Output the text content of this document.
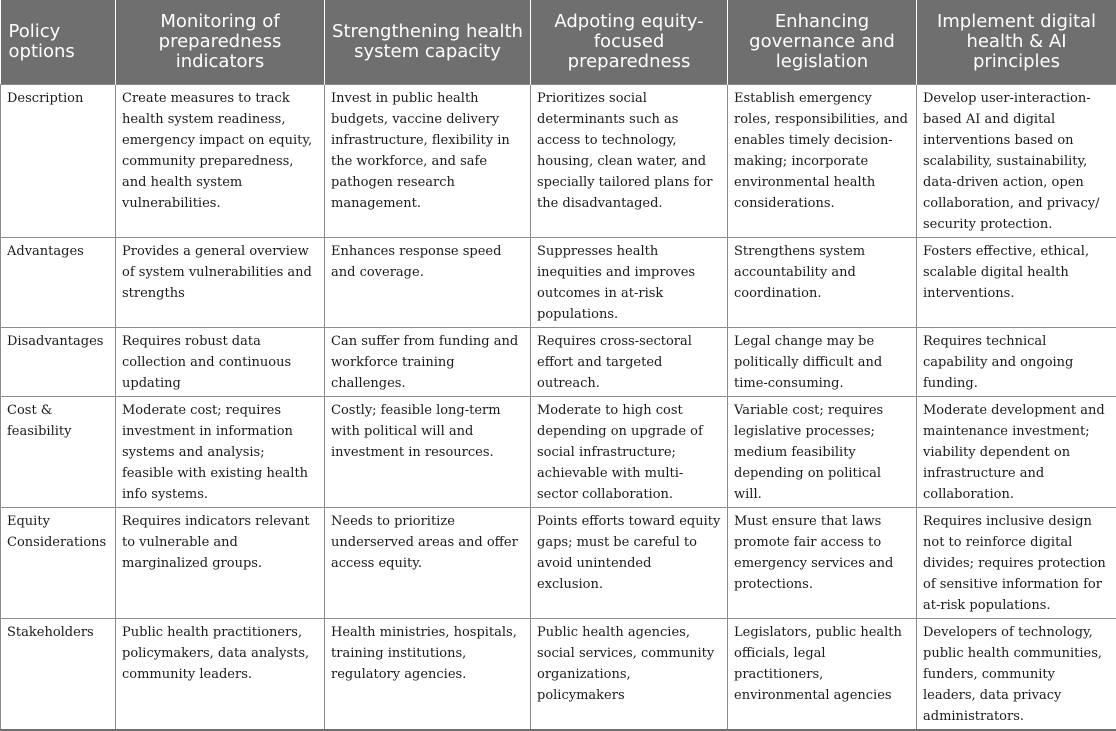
Policy options	Monitoring of preparedness indicators	Strengthening health system capacity	Adpoting equity-focused preparedness	Enhancing governance and legislation	Implement digital health & AI principles
Description	Create measures to track health system readiness, emergency impact on equity, community preparedness, and health system vulnerabilities.	Invest in public health budgets, vaccine delivery infrastructure, flexibility in the workforce, and safe pathogen research management.	Prioritizes social determinants such as access to technology, housing, clean water, and specially tailored plans for the disadvantaged.	Establish emergency roles, responsibilities, and enables timely decision-making; incorporate environmental health considerations.	Develop user-interaction-based AI and digital interventions based on scalability, sustainability, data-driven action, open collaboration, and privacy/ security protection.
Advantages	Provides a general overview of system vulnerabilities and strengths	Enhances response speed and coverage.	Suppresses health inequities and improves outcomes in at-risk populations.	Strengthens system accountability and coordination.	Fosters effective, ethical, scalable digital health interventions.
Disadvantages	Requires robust data collection and continuous updating	Can suffer from funding and workforce training challenges.	Requires cross-sectoral effort and targeted outreach.	Legal change may be politically difficult and time-consuming.	Requires technical capability and ongoing funding.
Cost & feasibility	Moderate cost; requires investment in information systems and analysis; feasible with existing health info systems.	Costly; feasible long-term with political will and investment in resources.	Moderate to high cost depending on upgrade of social infrastructure; achievable with multi-sector collaboration.	Variable cost; requires legislative processes; medium feasibility depending on political will.	Moderate development and maintenance investment; viability dependent on infrastructure and collaboration.
Equity Considerations	Requires indicators relevant to vulnerable and marginalized groups.	Needs to prioritize underserved areas and offer access equity.	Points efforts toward equity gaps; must be careful to avoid unintended exclusion.	Must ensure that laws promote fair access to emergency services and protections.	Requires inclusive design not to reinforce digital divides; requires protection of sensitive information for at-risk populations.
Stakeholders	Public health practitioners, policymakers, data analysts, community leaders.	Health ministries, hospitals, training institutions, regulatory agencies.	Public health agencies, social services, community organizations, policymakers	Legislators, public health officials, legal practitioners, environmental agencies	Developers of technology, public health communities, funders, community leaders, data privacy administrators.
